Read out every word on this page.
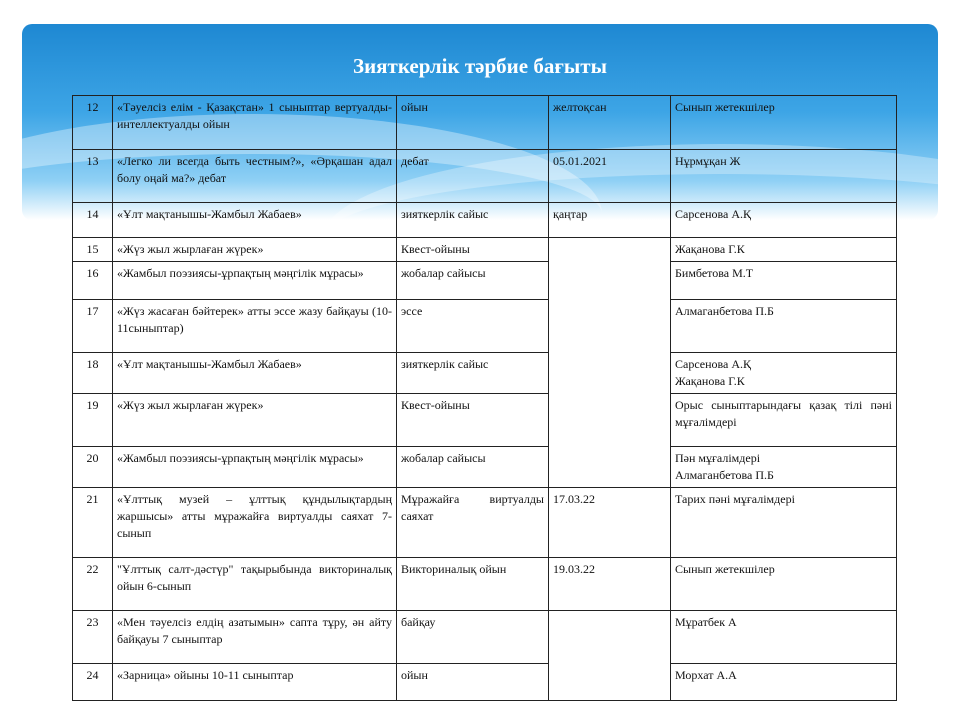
Зияткерлік тәрбие бағыты
12	«Тәуелсіз елім - Қазақстан» 1 сыныптар вертуалды-интеллектуалды ойын	ойын	желтоқсан	Сынып жетекшілер
13	«Легко ли всегда быть честным?», «Әрқашан адал болу оңай ма?» дебат	дебат	05.01.2021	Нұрмұқан Ж
14	«Ұлт мақтанышы-Жамбыл Жабаев»	зияткерлік сайыс	қаңтар	Сарсенова А.Қ
15	«Жүз жыл жырлаған жүрек»	Квест-ойыны		Жақанова Г.К
16	«Жамбыл поэзиясы-ұрпақтың мәңгілік мұрасы»	жобалар сайысы		Бимбетова М.Т
17	«Жүз жасаған бәйтерек» атты эссе жазу байқауы (10-11сыныптар)	эссе		Алмаганбетова П.Б
18	«Ұлт мақтанышы-Жамбыл Жабаев»	зияткерлік сайыс		Сарсенова А.Қ
Жақанова Г.К

19	«Жүз жыл жырлаған жүрек»	Квест-ойыны		Орыс сыныптарындағы қазақ тілі пәні мұғалімдері
20	«Жамбыл поэзиясы-ұрпақтың мәңгілік мұрасы»	жобалар сайысы		Пән мұғалімдері
Алмаганбетова П.Б

21	«Ұлттық музей – ұлттық құндылықтардың жаршысы» атты мұражайға виртуалды саяхат 7-сынып	Мұражайға виртуалды саяхат	17.03.22	Тарих пәні мұғалімдері
22	"Ұлттық салт-дәстүр" тақырыбында викториналық ойын 6-сынып	Викториналық ойын	19.03.22	Сынып жетекшілер
23	«Мен тәуелсіз елдің азатымын» сапта тұру, ән айту байқауы 7 сыныптар	байқау		Мұратбек А
24	«Зарница» ойыны 10-11 сыныптар	ойын		Морхат А.А
